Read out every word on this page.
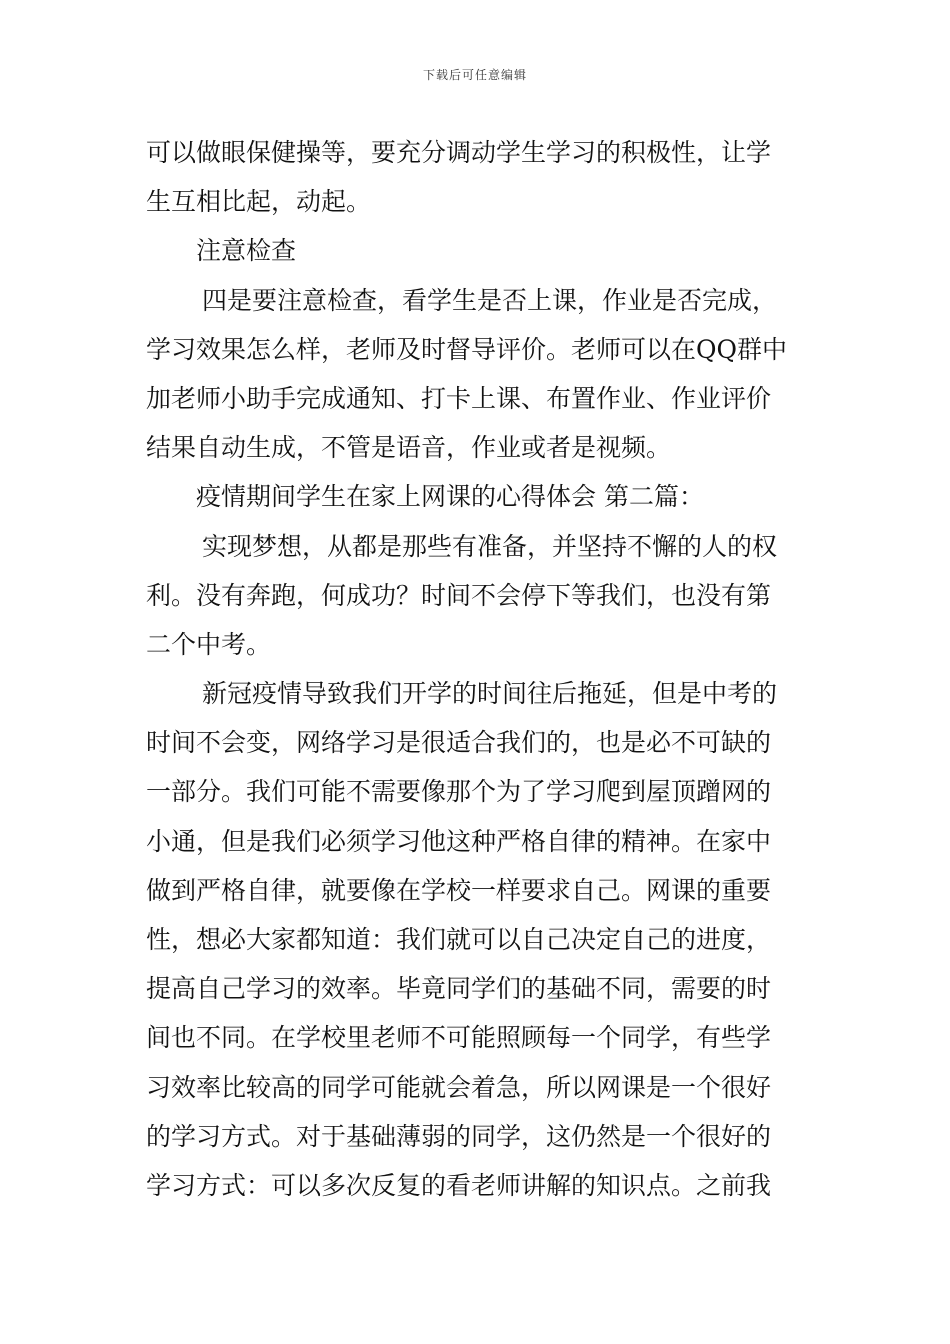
下载后可任意编辑
可以做眼保健操等，要充分调动学生学习的积极性，让学
生互相比起，动起。
注意检查
四是要注意检查，看学生是否上课，作业是否完成，
学习效果怎么样，老师及时督导评价。老师可以在QQ群中
加老师小助手完成通知、打卡上课、布置作业、作业评价
结果自动生成，不管是语音，作业或者是视频。
疫情期间学生在家上网课的心得体会 第二篇：
实现梦想，从都是那些有准备，并坚持不懈的人的权
利。没有奔跑，何成功？时间不会停下等我们，也没有第
二个中考。
新冠疫情导致我们开学的时间往后拖延，但是中考的
时间不会变，网络学习是很适合我们的，也是必不可缺的
一部分。我们可能不需要像那个为了学习爬到屋顶蹭网的
小通，但是我们必须学习他这种严格自律的精神。在家中
做到严格自律，就要像在学校一样要求自己。网课的重要
性，想必大家都知道：我们就可以自己决定自己的进度，
提高自己学习的效率。毕竟同学们的基础不同，需要的时
间也不同。在学校里老师不可能照顾每一个同学，有些学
习效率比较高的同学可能就会着急，所以网课是一个很好
的学习方式。对于基础薄弱的同学，这仍然是一个很好的
学习方式：可以多次反复的看老师讲解的知识点。之前我
